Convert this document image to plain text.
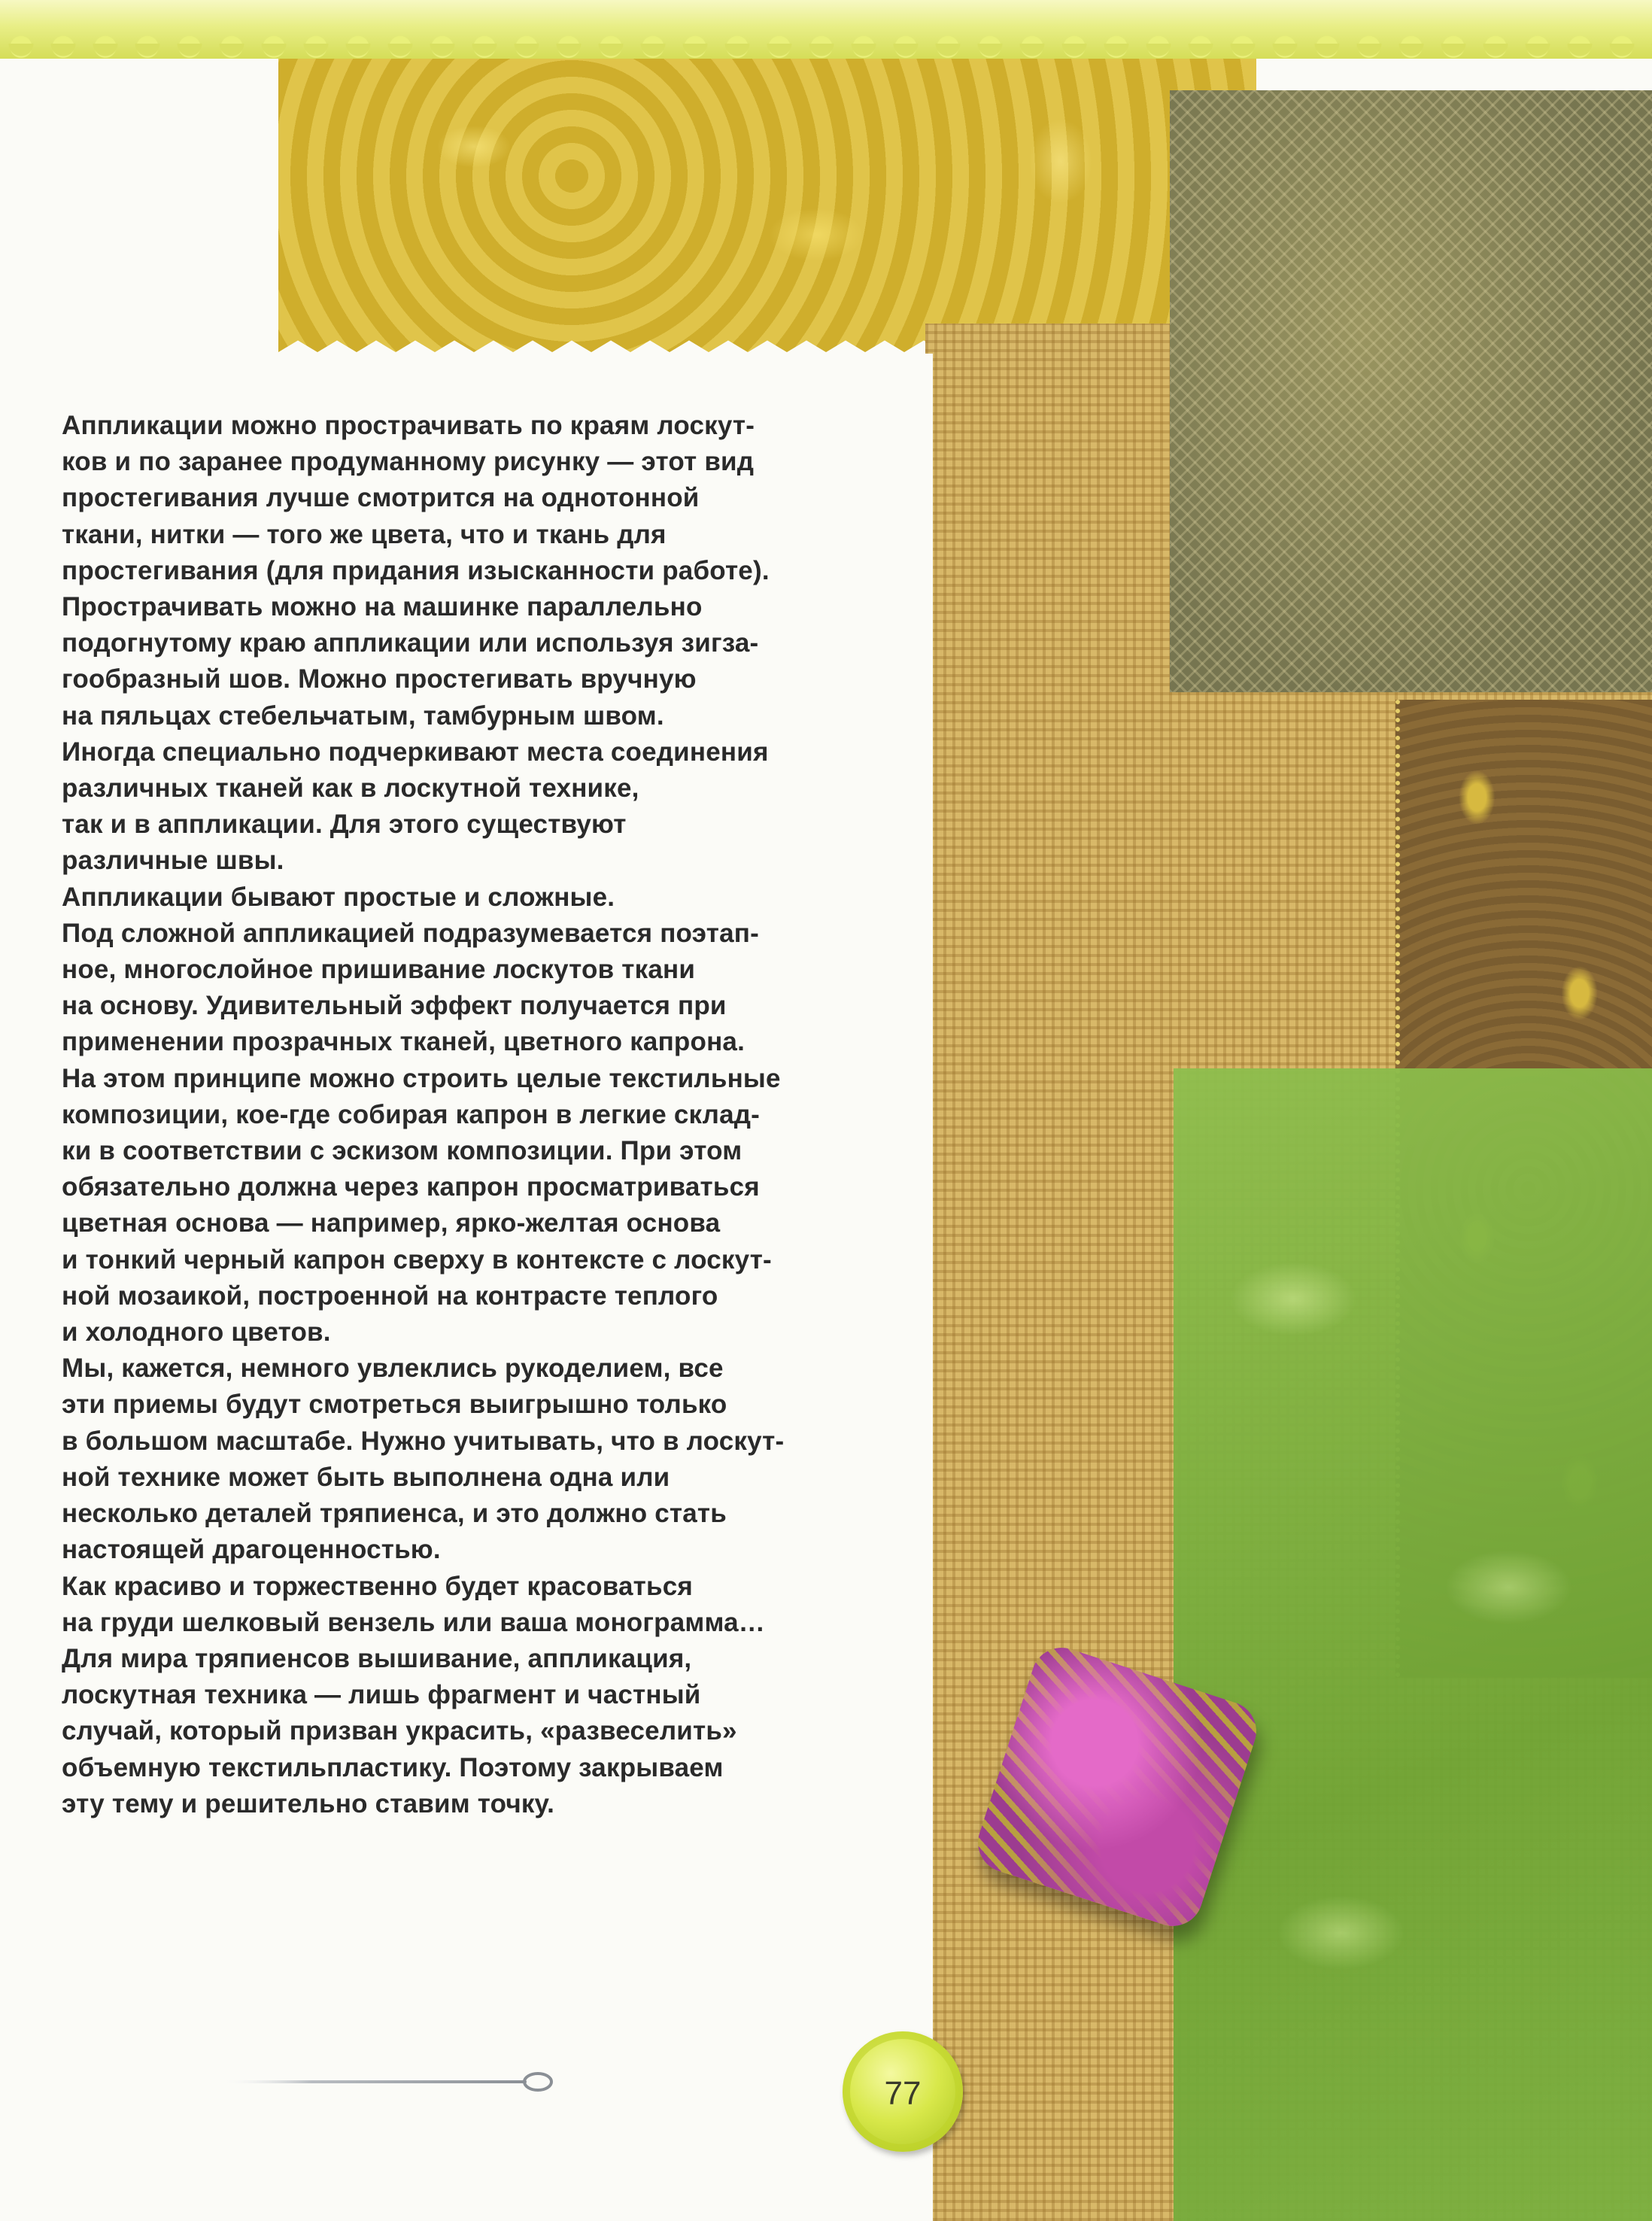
Аппликации можно прострачивать по краям лоскут-
ков и по заранее продуманному рисунку — этот вид
простегивания лучше смотрится на однотонной
ткани, нитки — того же цвета, что и ткань для
простегивания (для придания изысканности работе).
Прострачивать можно на машинке параллельно
подогнутому краю аппликации или используя зигза-
гообразный шов. Можно простегивать вручную
на пяльцах стебельчатым, тамбурным швом.
Иногда специально подчеркивают места соединения
различных тканей как в лоскутной технике,
так и в аппликации. Для этого существуют
различные швы.
Аппликации бывают простые и сложные.
Под сложной аппликацией подразумевается поэтап-
ное, многослойное пришивание лоскутов ткани
на основу. Удивительный эффект получается при
применении прозрачных тканей, цветного капрона.
На этом принципе можно строить целые текстильные
композиции, кое-где собирая капрон в легкие склад-
ки в соответствии с эскизом композиции. При этом
обязательно должна через капрон просматриваться
цветная основа — например, ярко-желтая основа
и тонкий черный капрон сверху в контексте с лоскут-
ной мозаикой, построенной на контрасте теплого
и холодного цветов.
Мы, кажется, немного увлеклись рукоделием, все
эти приемы будут смотреться выигрышно только
в большом масштабе. Нужно учитывать, что в лоскут-
ной технике может быть выполнена одна или
несколько деталей тряпиенса, и это должно стать
настоящей драгоценностью.
Как красиво и торжественно будет красоваться
на груди шелковый вензель или ваша монограмма…
Для мира тряпиенсов вышивание, аппликация,
лоскутная техника — лишь фрагмент и частный
случай, который призван украсить, «развеселить»
объемную текстильпластику. Поэтому закрываем
эту тему и решительно ставим точку.
77
